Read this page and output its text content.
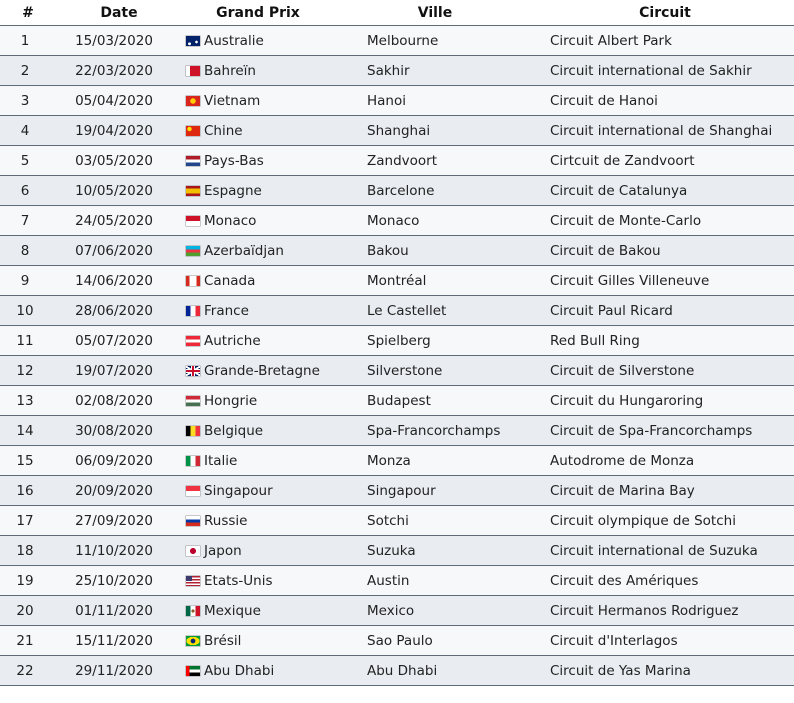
#	Date	Grand Prix	Ville	Circuit
1	15/03/2020	Australie	Melbourne	Circuit Albert Park
2	22/03/2020	Bahreïn	Sakhir	Circuit international de Sakhir
3	05/04/2020	Vietnam	Hanoi	Circuit de Hanoi
4	19/04/2020	Chine	Shanghai	Circuit international de Shanghai
5	03/05/2020	Pays-Bas	Zandvoort	Cirtcuit de Zandvoort
6	10/05/2020	Espagne	Barcelone	Circuit de Catalunya
7	24/05/2020	Monaco	Monaco	Circuit de Monte-Carlo
8	07/06/2020	Azerbaïdjan	Bakou	Circuit de Bakou
9	14/06/2020	Canada	Montréal	Circuit Gilles Villeneuve
10	28/06/2020	France	Le Castellet	Circuit Paul Ricard
11	05/07/2020	Autriche	Spielberg	Red Bull Ring
12	19/07/2020	Grande-Bretagne	Silverstone	Circuit de Silverstone
13	02/08/2020	Hongrie	Budapest	Circuit du Hungaroring
14	30/08/2020	Belgique	Spa-Francorchamps	Circuit de Spa-Francorchamps
15	06/09/2020	Italie	Monza	Autodrome de Monza
16	20/09/2020	Singapour	Singapour	Circuit de Marina Bay
17	27/09/2020	Russie	Sotchi	Circuit olympique de Sotchi
18	11/10/2020	Japon	Suzuka	Circuit international de Suzuka
19	25/10/2020	Etats-Unis	Austin	Circuit des Amériques
20	01/11/2020	Mexique	Mexico	Circuit Hermanos Rodriguez
21	15/11/2020	Brésil	Sao Paulo	Circuit d'Interlagos
22	29/11/2020	Abu Dhabi	Abu Dhabi	Circuit de Yas Marina
